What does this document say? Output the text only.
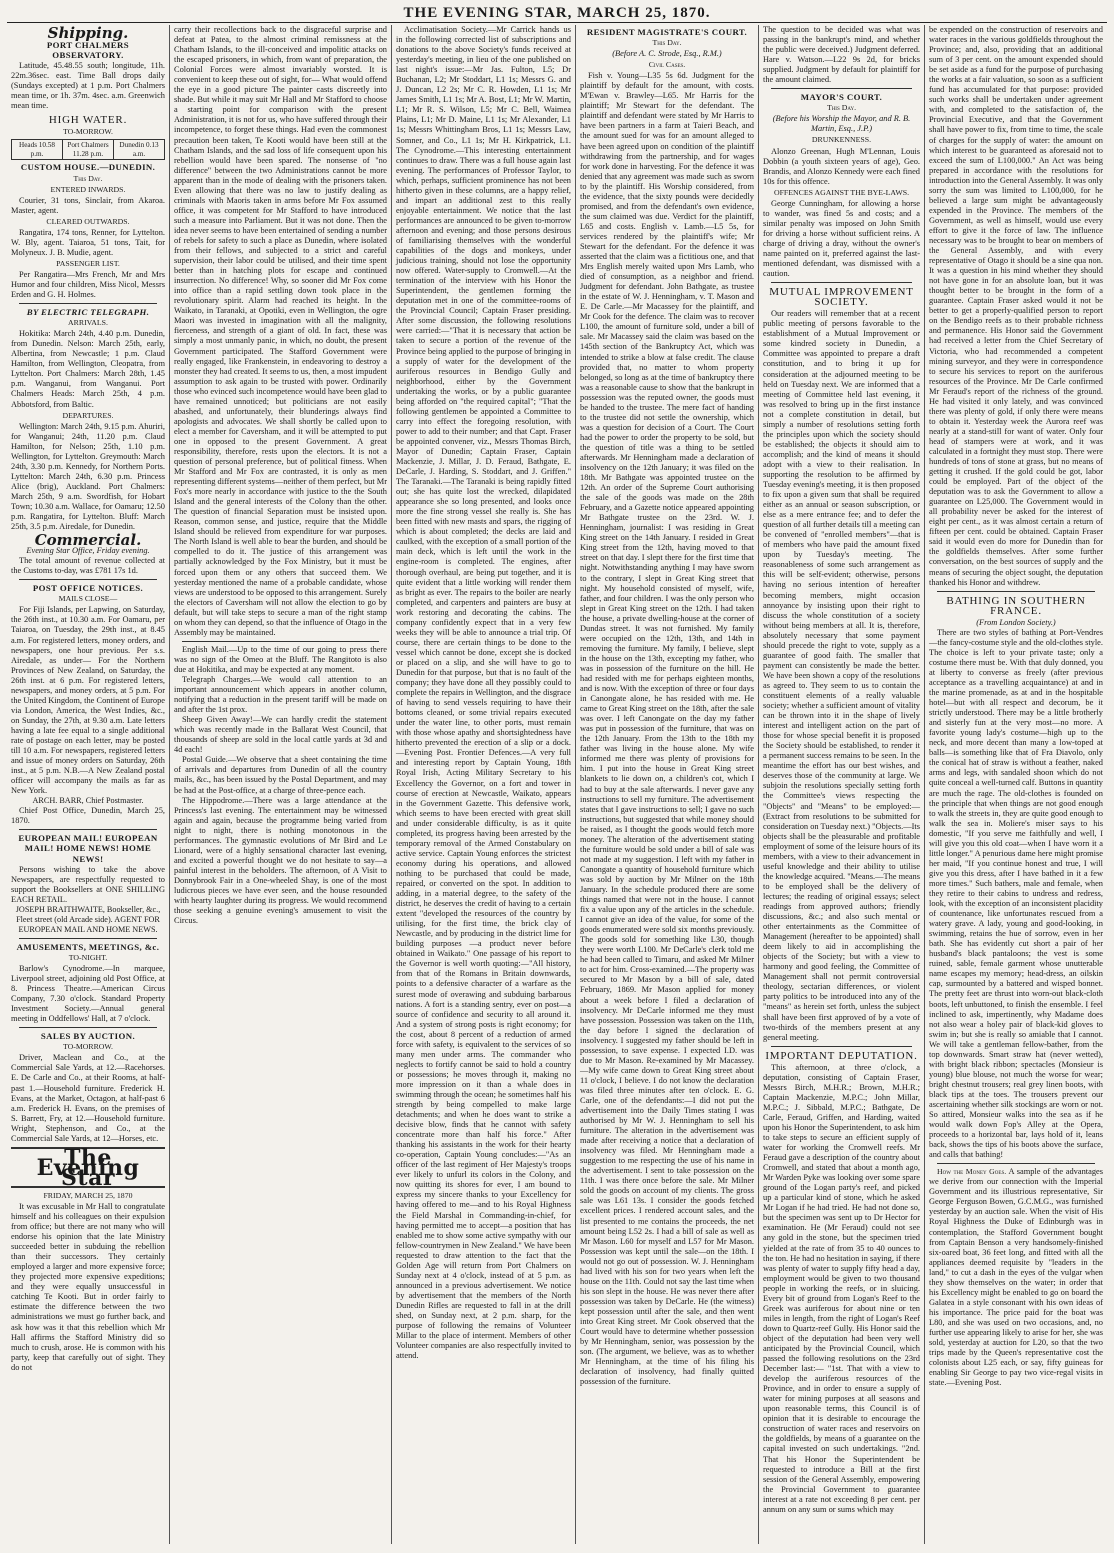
THE EVENING STAR, MARCH 25, 1870.
Shipping.
PORT CHALMERS OBSERVATORY.

Latitude, 45.48.55 south; longitude, 11h. 22m.36sec. east. Time Ball drops daily (Sundays excepted) at 1 p.m. Port Chalmers mean time, or 1h. 37m. 4sec. a.m. Greenwich mean time.

HIGH WATER.
TO-MORROW.
Heads 10.58 p.m.
Port Chalmers 11.28 p.m.
Dunedin 0.13 a.m.
CUSTOM HOUSE.—DUNEDIN.
This Day.
ENTERED INWARDS.

Courier, 31 tons, Sinclair, from Akaroa. Master, agent.

CLEARED OUTWARDS.

Rangatira, 174 tons, Renner, for Lyttelton. W. Bly, agent. Taiaroa, 51 tons, Tait, for Molyneux. J. B. Mudie, agent.

PASSENGER LIST.

Per Rangatira—Mrs French, Mr and Mrs Humor and four children, Miss Nicol, Messrs Erden and G. H. Holmes.

BY ELECTRIC TELEGRAPH.
ARRIVALS.

Hokitika: March 24th, 4.40 p.m. Dunedin, from Dunedin. Nelson: March 25th, early, Albertina, from Newcastle; 1 p.m. Claud Hamilton, from Wellington, Cleopatra, from Lyttelton. Port Chalmers: March 28th, 1.45 p.m. Wanganui, from Wanganui. Port Chalmers Heads: March 25th, 4 p.m. Abbotsford, from Baltic.

DEPARTURES.

Wellington: March 24th, 9.15 p.m. Ahuriri, for Wanganui; 24th, 11.20 p.m. Claud Hamilton, for Nelson; 25th, 1.10 p.m. Wellington, for Lyttelton. Greymouth: March 24th, 3.30 p.m. Kennedy, for Northern Ports. Lyttelton: March 24th, 6.30 p.m. Princess Alice (brig), Auckland. Port Chalmers: March 25th, 9 a.m. Swordfish, for Hobart Town; 10.30 a.m. Wallace, for Oamaru; 12.50 p.m. Rangatira, for Lyttelton. Bluff: March 25th, 3.5 p.m. Airedale, for Dunedin.

Commercial.
Evening Star Office, Friday evening.

The total amount of revenue collected at the Customs to-day, was £781 17s 1d.

POST OFFICE NOTICES.
MAILS CLOSE—

For Fiji Islands, per Lapwing, on Saturday, the 26th inst., at 10.30 a.m. For Oamaru, per Taiaroa, on Tuesday, the 29th inst., at 8.45 a.m. For registered letters, money orders, and newspapers, one hour previous. Per s.s. Airedale, as under— For the Northern Provinces of New Zealand, on Saturday, the 26th inst. at 6 p.m. For registered letters, newspapers, and money orders, at 5 p.m. For the United Kingdom, the Continent of Europe via London, America, the West Indies, &c., on Sunday, the 27th, at 9.30 a.m. Late letters having a late fee equal to a single additional rate of postage on each letter, may be posted till 10 a.m. For newspapers, registered letters and issue of money orders on Saturday, 26th inst., at 5 p.m. N.B.—A New Zealand postal officer will accompany the mails as far as New York.

ARCH. BARR, Chief Postmaster.

Chief Post Office, Dunedin, March 25, 1870.

EUROPEAN MAIL! EUROPEAN MAIL! HOME NEWS! HOME NEWS!

Persons wishing to take the above Newspapers, are respectfully requested to support the Booksellers at ONE SHILLING EACH RETAIL.

JOSEPH BRAITHWAITE, Bookseller, &c., Fleet street (old Arcade side). AGENT FOR EUROPEAN MAIL AND HOME NEWS.
AMUSEMENTS, MEETINGS, &c.
TO-NIGHT.

Barlow's Cynodrome.—In marquee, Liverpool street, adjoining old Post Office, at 8. Princess Theatre.—American Circus Company, 7.30 o'clock. Standard Property Investment Society.—Annual general meeting in Oddfellows' Hall, at 7 o'clock.

SALES BY AUCTION.
TO-MORROW.

Driver, Maclean and Co., at the Commercial Sale Yards, at 12.—Racehorses. E. De Carle and Co., at their Rooms, at half-past 1.—Household furniture. Frederick H. Evans, at the Market, Octagon, at half-past 6 a.m. Frederick H. Evans, on the premises of S. Barrett, Fry, at 12.—Household furniture. Wright, Stephenson, and Co., at the Commercial Sale Yards, at 12—Horses, etc.

The Evening Star
FRIDAY, MARCH 25, 1870

It was excusable in Mr Hall to congratulate himself and his colleagues on their expulsion from office; but there are not many who will endorse his opinion that the late Ministry succeeded better in subduing the rebellion than their successors. They certainly employed a larger and more expensive force; they projected more expensive expeditions; and they were equally unsuccessful in catching Te Kooti. But in order fairly to estimate the difference between the two administrations we must go further back, and ask how was it that this rebellion which Mr Hall affirms the Stafford Ministry did so much to crush, arose. He is common with his party, keep that carefully out of sight. They do not

carry their recollections back to the disgraceful surprise and defeat at Patea, to the almost criminal remissness at the Chatham Islands, to the ill-conceived and impolitic attacks on the escaped prisoners, in which, from want of preparation, the Colonial Forces were almost invariably worsted. It is convenient to keep these out of sight, for— What would offend the eye in a good picture The painter casts discreetly into shade. But while it may suit Mr Hall and Mr Stafford to choose a starting point for comparison with the present Administration, it is not for us, who have suffered through their incompetence, to forget these things. Had even the commonest precaution been taken, Te Kooti would have been still at the Chatham Islands, and the sad loss of life consequent upon his rebellion would have been spared. The nonsense of "no difference" between the two Administrations cannot be more apparent than in the mode of dealing with the prisoners taken. Even allowing that there was no law to justify dealing as criminals with Maoris taken in arms before Mr Fox assumed office, it was competent for Mr Stafford to have introduced such a measure into Parliament. But it was not done. Then the idea never seems to have been entertained of sending a number of rebels for safety to such a place as Dunedin, where isolated from their fellows, and subjected to a strict and careful supervision, their labor could be utilised, and their time spent better than in hatching plots for escape and continued insurrection. No difference! Why, so sooner did Mr Fox come into office than a rapid settling down took place in the revolutionary spirit. Alarm had reached its height. In the Waikato, in Taranaki, at Opotiki, even in Wellington, the ogre Maori was invested in imagination with all the malignity, fierceness, and strength of a giant of old. In fact, these was simply a most unmanly panic, in which, no doubt, the present Government participated. The Stafford Government were really engaged, like Frankenstein, in endeavoring to destroy a monster they had created. It seems to us, then, a most impudent assumption to ask again to be trusted with power. Ordinarily those who evinced such incompetence would have been glad to have remained unnoticed; but politicians are not easily abashed, and unfortunately, their blunderings always find apologists and advocates. We shall shortly be called upon to elect a member for Caversham, and it will be attempted to put one in opposed to the present Government. A great responsibility, therefore, rests upon the electors. It is not a question of personal preference, but of political fitness. When Mr Stafford and Mr Fox are contrasted, it is only as men representing different systems—neither of them perfect, but Mr Fox's more nearly in accordance with justice to the the South Island and the general interests of the Colony than the other. The question of financial Separation must be insisted upon. Reason, common sense, and justice, require that the Middle Island should be relieved from expenditure for war purposes. The North Island is well able to bear the burden, and should be compelled to do it. The justice of this arrangement was partially acknowledged by the Fox Ministry, but it must be forced upon them or any others that succeed them. We yesterday mentioned the name of a probable candidate, whose views are understood to be opposed to this arrangement. Surely the electors of Caversham will not allow the election to go by default, but will take steps to secure a man of the right stamp on whom they can depend, so that the influence of Otago in the Assembly may be maintained.

English Mail.—Up to the time of our going to press there was no sign of the Omeo at the Bluff. The Rangitoto is also due at Hokitika, and may be expected at any moment.

Telegraph Charges.—We would call attention to an important announcement which appears in another column, notifying that a reduction in the present tariff will be made on and after the 1st prox.

Sheep Given Away!—We can hardly credit the statement which was recently made in the Ballarat West Council, that thousands of sheep are sold in the local cattle yards at 3d and 4d each!

Postal Guide.—We observe that a sheet containing the time of arrivals and departures from Dunedin of all the country mails, &c., has been issued by the Postal Department, and may be had at the Post-office, at a charge of three-pence each.

The Hippodrome.—There was a large attendance at the Princess's last evening. The entertainment may be witnessed again and again, because the programme being varied from night to night, there is nothing monotonous in the performances. The gymnastic evolutions of Mr Bird and Le Lionard, were of a highly sensational character last evening, and excited a powerful thought we do not hesitate to say—a painful interest in the beholders. The afternoon, of A Visit to Donnybrook Fair in a One-wheeled Shay, is one of the most ludicrous pieces we have ever seen, and the house resounded with hearty laughter during its progress. We would recommend those seeking a genuine evening's amusement to visit the Circus.

Acclimatisation Society.—Mr Carrick hands us in the following corrected list of subscriptions and donations to the above Society's funds received at yesterday's meeting, in lieu of the one published on last night's issue:—Mr Jas. Fulton, L5; Dr Buchanan, L2; Mr Stoddart, L1 1s; Messrs G. and J. Duncan, L2 2s; Mr C. R. Howden, L1 1s; Mr James Smith, L1 1s; Mr A. Bost, L1; Mr W. Martin, L1; Mr R. S. Wilson, L5; Mr C. Bell, Waimea Plains, L1; Mr D. Maine, L1 1s; Mr Alexander, L1 1s; Messrs Whittingham Bros, L1 1s; Messrs Law, Somner, and Co., L1 1s; Mr H. Kirkpatrick, L1. The Cynodrome.—This interesting entertainment continues to draw. There was a full house again last evening. The performances of Professor Taylor, to which, perhaps, sufficient prominence has not been hitherto given in these columns, are a happy relief, and impart an additional zest to this really enjoyable entertainment. We notice that the last performances are announced to be given to-morrow afternoon and evening; and those persons desirous of familiarising themselves with the wonderful capabilities of the dogs and monkeys, under judicious training, should not lose the opportunity now offered. Water-supply to Cromwell.—At the termination of the interview with his Honor the Superintendent, the gentlemen forming the deputation met in one of the committee-rooms of the Provincial Council; Captain Fraser presiding. After some discussion, the following resolutions were carried:—"That it is necessary that action be taken to secure a portion of the revenue of the Province being applied to the purpose of bringing in a supply of water for the development of the auriferous resources in Bendigo Gully and neighborhood, either by the Government undertaking the works, or by a public guarantee being afforded on "the required capital"; "That the following gentlemen be appointed a Committee to carry into effect the foregoing resolution, with power to add to their number; and that Capt. Fraser be appointed convener, viz., Messrs Thomas Birch, Mayor of Dunedin; Captain Fraser, Captain Mackenzie, J. Millar, J. D. Feraud, Bathgate, E. DeCarle, J. Harding, S. Stoddart, and J. Griffen." The Taranaki.—The Taranaki is being rapidly fitted out; she has quite lost the wrecked, dilapidated appearance she so long presented, and looks once more the fine strong vessel she really is. She has been fitted with new masts and spars, the rigging of which is about completed; the decks are laid and caulked, with the exception of a small portion of the main deck, which is left until the work in the engine-room is completed. The engines, after thorough overhaul, are being put together, and it is quite evident that a little working will render them as bright as ever. The repairs to the boiler are nearly completed, and carpenters and painters are busy at work restoring and decorating the cabins. The company confidently expect that in a very few weeks they will be able to announce a trial trip. Of course, there are certain things to be done to the vessel which cannot be done, except she is docked or placed on a slip, and she will have to go to Dunedin for that purpose, but that is no fault of the company; they have done all they possibly could to complete the repairs in Wellington, and the disgrace of having to send vessels requiring to have their bottoms cleaned, or some trivial repairs executed under the water line, to other ports, must remain with those whose apathy and shortsightedness have hitherto prevented the erection of a slip or a dock.—Evening Post. Frontier Defences.—A very full and interesting report by Captain Young, 18th Royal Irish, Acting Military Secretary to his Excellency the Governor, on a fort and tower in course of erection at Newcastle, Waikato, appears in the Government Gazette. This defensive work, which seems to have been erected with great skill and under considerable difficulty, is as it quite completed, its progress having been arrested by the temporary removal of the Armed Constabulary on active service. Captain Young enforces the strictest economy during his operations, and allowed nothing to be purchased that could be made, repaired, or converted on the spot. In addition to adding, in a material degree, to the safety of the district, he deserves the credit of having to a certain extent "developed the resources of the country by utilising, for the first time, the brick clay of Newcastle, and by producing in the district lime for building purposes —a product never before obtained in Waikato." One passage of his report to the Governor is well worth quoting:—"All history, from that of the Romans in Britain downwards, points to a defensive character of a warfare as the surest mode of overawing and subduing barbarous nations. A fort is a standing sentry, ever on post—a source of confidence and security to all around it. And a system of strong posts is right economy; for the cost, about 8 percent of a reduction of armed force with safety, is equivalent to the services of so many men under arms. The commander who neglects to fortify cannot be said to hold a country or possessions; he moves through it, making no more impression on it than a whale does in swimming through the ocean; he sometimes half his strength by being compelled to make large detachments; and when he does want to strike a decisive blow, finds that he cannot with safety concentrate more than half his force." After thanking his assistants in the work for their hearty co-operation, Captain Young concludes:—"As an officer of the last regiment of Her Majesty's troops ever likely to unfurl its colors in the Colony, and now quitting its shores for ever, I am bound to express my sincere thanks to your Excellency for having offered to me—and to his Royal Highness the Field Marshal in Commanding-in-chief, for having permitted me to accept—a position that has enabled me to show some active sympathy with our fellow-countrymen in New Zealand." We have been requested to draw attention to the fact that the Golden Age will return from Port Chalmers on Sunday next at 4 o'clock, instead of at 5 p.m. as announced in a previous advertisement. We notice by advertisement that the members of the North Dunedin Rifles are requested to fall in at the drill shed, on Sunday next, at 2 p.m. sharp, for the purpose of following the remains of Volunteer Millar to the place of interment. Members of other Volunteer companies are also respectfully invited to attend.

RESIDENT MAGISTRATE'S COURT.
This Day.
(Before A. C. Strode, Esq., R.M.)
Civil Cases.

Fish v. Young—L35 5s 6d. Judgment for the plaintiff by default for the amount, with costs. M'Ewan v. Brawley—L65. Mr Harris for the plaintiff; Mr Stewart for the defendant. The plaintiff and defendant were stated by Mr Harris to have been partners in a farm at Taieri Beach, and the amount sued for was for an amount alleged to have been agreed upon on condition of the plaintiff withdrawing from the partnership, and for wages for work done in harvesting. For the defence it was denied that any agreement was made such as sworn to by the plaintiff. His Worship considered, from the evidence, that the sixty pounds were decidedly promised, and from the defendant's own evidence, the sum claimed was due. Verdict for the plaintiff, L65 and costs. English v. Lamb.—L5 5s, for services rendered by the plaintiff's wife; Mr Stewart for the defendant. For the defence it was asserted that the claim was a fictitious one, and that Mrs English merely waited upon Mrs Lamb, who died of consumption, as a neighbor and friend. Judgment for defendant. John Bathgate, as trustee in the estate of W. J. Henningham, v. T. Mason and E. De Carle.—Mr Macassey for the plaintiff, and Mr Cook for the defence. The claim was to recover L100, the amount of furniture sold, under a bill of sale. Mr Macassey said the claim was based on the 145th section of the Bankruptcy Act, which was intended to strike a blow at false credit. The clause provided that, no matter to whom property belonged, so long as at the time of bankruptcy there was a reasonable cause to show that the bankrupt in possession was the reputed owner, the goods must be handed to the trustee. The mere fact of handing to the trustee did not settle the ownership, which was a question for decision of a Court. The Court had the power to order the property to be sold, but the question of title was a thing to be settled afterwards. Mr Henningham made a declaration of insolvency on the 12th January; it was filed on the 18th. Mr Bathgate was appointed trustee on the 12th. An order of the Supreme Court authorising the sale of the goods was made on the 28th February, and a Gazette notice appeared appointing Mr Bathgate trustee on the 23rd. W. J. Henningham, journalist: I was residing in Great King street on the 14th January. I resided in Great King street from the 12th, having moved to that street on that day. I slept there for the first time that night. Notwithstanding anything I may have sworn to the contrary, I slept in Great King street that night. My household consisted of myself, wife, father, and four children. I was the only person who slept in Great King street on the 12th. I had taken the house, a private dwelling-house at the corner of Dundas street. It was not furnished. My family were occupied on the 12th, 13th, and 14th in removing the furniture. My family, I believe, slept in the house on the 13th, excepting my father, who was in possession of the furniture on the hill. He had resided with me for perhaps eighteen months, and is now. With the exception of three or four days in Canongate alone, he has resided with me. He came to Great King street on the 18th, after the sale was over. I left Canongate on the day my father was put in possession of the furniture, that was on the 12th January. From the 13th to the 18th my father was living in the house alone. My wife informed me there was plenty of provisions for him. I put into the house in Great King street blankets to lie down on, a children's cot, which I had to buy at the sale afterwards. I never gave any instructions to sell my furniture. The advertisement states that I gave instructions to sell; I gave no such instructions, but suggested that while money should be raised, as I thought the goods would fetch more money. The alteration of the advertisement stating the furniture would be sold under a bill of sale was not made at my suggestion. I left with my father in Canongate a quantity of household furniture which was sold by auction by Mr Milner on the 18th January. In the schedule produced there are some things named that were not in the house. I cannot fix a value upon any of the articles in the schedule. I cannot give an idea of the value, for some of the goods enumerated were sold six months previously. The goods sold for something like L30, though they were worth L100. Mr DeCarle's clerk told me he had been called to Timaru, and asked Mr Milner to act for him. Cross-examined.—The property was secured to Mr Mason by a bill of sale, dated February, 1869. Mr Mason applied for money about a week before I filed a declaration of insolvency. Mr DeCarle informed me they must have possession. Possession was taken on the 11th, the day before I signed the declaration of insolvency. I suggested my father should be left in possession, to save expense. I expected I.D. was due to Mr Mason. Re-examined by Mr Macassey.—My wife came down to Great King street about 11 o'clock, I believe. I do not know the declaration was filed three minutes after ten o'clock. E. G. Carle, one of the defendants:—I did not put the advertisement into the Daily Times stating I was authorised by Mr W. J. Henningham to sell his furniture. The alteration in the advertisement was made after receiving a notice that a declaration of insolvency was filed. Mr Henningham made a suggestion to me respecting the use of his name in the advertisement. I sent to take possession on the 11th. I was there once before the sale. Mr Milner sold the goods on account of my clients. The gross sale was L61 13s. I consider the goods fetched excellent prices. I rendered account sales, and the list presented to me contains the proceeds, the net amount being L52 2s. I had a bill of sale as well as Mr Mason. L60 for myself and L57 for Mr Mason. Possession was kept until the sale—on the 18th. I would not go out of possession. W. J. Henningham had lived with his son for two years when left the house on the 11th. Could not say the last time when his son slept in the house. He was never there after possession was taken by DeCarle. He (the witness) kept possession until after the sale, and then went into Great King street. Mr Cook observed that the Court would have to determine whether possession by Mr Henningham, senior, was possession by the son. (The argument, we believe, was as to whether Mr Henningham, at the time of his filing his declaration of insolvency, had finally quitted possession of the furniture.

The question to be decided was what was passing in the bankrupt's mind, and whether the public were deceived.) Judgment deferred. Hare v. Watson.—L22 9s 2d, for bricks supplied. Judgment by default for plaintiff for the amount claimed.

MAYOR'S COURT.
This Day.
(Before his Worship the Mayor, and R. B. Martin, Esq., J.P.)
DRUNKENNESS.

Alonzo Greenan, Hugh M'Lennan, Louis Dobbin (a youth sixteen years of age), Geo. Brandis, and Alonzo Kennedy were each fined 10s for this offence.

OFFENCES AGAINST THE BYE-LAWS.

George Cunningham, for allowing a horse to wander, was fined 5s and costs; and a similar penalty was imposed on John Smith for driving a horse without sufficient reins. A charge of driving a dray, without the owner's name painted on it, preferred against the last-mentioned defendant, was dismissed with a caution.

MUTUAL IMPROVEMENT SOCIETY.

Our readers will remember that at a recent public meeting of persons favorable to the establishment of a Mutual Improvement or some kindred society in Dunedin, a Committee was appointed to prepare a draft constitution, and to bring it up for consideration at the adjourned meeting to be held on Tuesday next. We are informed that a meeting of Committee held last evening, it was resolved to bring up in the first instance not a complete constitution in detail, but simply a number of resolutions setting forth the principles upon which the society should be established; the objects it should aim to accomplish; and the kind of means it should adopt with a view to their realisation. In supporting the resolution to be affirmed by Tuesday evening's meeting, it is then proposed to fix upon a given sum that shall be required either as an annual or season subscription, or else as a mere entrance fee; and to defer the question of all further details till a meeting can be convened of "enrolled members"—that is of members who have paid the amount fixed upon by Tuesday's meeting. The reasonableness of some such arrangement as this will be self-evident; otherwise, persons having no serious intention of hereafter becoming members, might occasion annoyance by insisting upon their right to discuss the whole constitution of a society without being members at all. It is, therefore, absolutely necessary that some payment should precede the right to vote, supply as a guarantee of good faith. The smaller that payment can consistently be made the better. We have been shown a copy of the resolutions as agreed to. They seem to us to contain the constituent elements of a really valuable society; whether a sufficient amount of vitality can be thrown into it in the shape of lively interest and intelligent action on the part of those for whose special benefit it is proposed the Society should be established, to render it a permanent success remains to be seen. In the meantime the effort has our best wishes, and deserves those of the community at large. We subjoin the resolutions specially setting forth the Committee's views respecting the "Objects" and "Means" to be employed:— (Extract from resolutions to be submitted for consideration on Tuesday next.) "Objects.—Its objects shall be the pleasurable and profitable employment of some of the leisure hours of its members, with a view to their advancement in useful knowledge and their ability to utilise the knowledge acquired. "Means.—The means to be employed shall be the delivery of lectures; the reading of original essays; select readings from approved authors; friendly discussions, &c.; and also such mental or other entertainments as the Committee of Management (hereafter to be appointed) shall deem likely to aid in accomplishing the objects of the Society; but with a view to harmony and good feeling, the Committee of Management shall not permit controversial theology, sectarian differences, or violent party politics to be introduced into any of the "means" as herein set forth, unless the subject shall have been first approved of by a vote of two-thirds of the members present at any general meeting.

IMPORTANT DEPUTATION.

This afternoon, at three o'clock, a deputation, consisting of Captain Fraser, Messrs Birch, M.H.R.; Brown, M.H.R.; Captain Mackenzie, M.P.C.; John Millar, M.P.C.; J. Sibbald, M.P.C.; Bathgate, De Carle, Feraud, Griffen, and Harding, waited upon his Honor the Superintendent, to ask him to take steps to secure an efficient supply of water for working the Cromwell reefs. Mr Feraud gave a description of the country about Cromwell, and stated that about a month ago, Mr Warden Pyke was looking over some spare ground of the Logan party's reef, and picked up a particular kind of stone, which he asked Mr Logan if he had tried. He had not done so, but the specimen was sent up to Dr Hector for examination. He (Mr Feraud) could not see any gold in the stone, but the specimen tried yielded at the rate of from 35 to 40 ounces to the ton. He had no hesitation in saying, if there was plenty of water to supply fifty head a day, employment would be given to two thousand people in working the reefs, or in sluicing. Every bit of ground from Logan's Reef to the Greek was auriferous for about nine or ten miles in length, from the right of Logan's Reef down to Quartz-reef Gully. His Honor said the object of the deputation had been very well anticipated by the Provincial Council, which passed the following resolutions on the 23rd December last:— "1st. That with a view to develop the auriferous resources of the Province, and in order to ensure a supply of water for mining purposes at all seasons and upon reasonable terms, this Council is of opinion that it is desirable to encourage the construction of water races and reservoirs on the goldfields, by means of a guarantee on the capital invested on such undertakings. "2nd. That his Honor the Superintendent be requested to introduce a Bill at the first session of the General Assembly, empowering the Provincial Government to guarantee interest at a rate not exceeding 8 per cent. per annum on any sum or sums which may

be expended on the construction of reservoirs and water races in the various goldfields throughout the Province; and, also, providing that an additional sum of 3 per cent. on the amount expended should be set aside as a fund for the purpose of purchasing the works at a fair valuation, so soon as a sufficient fund has accumulated for that purpose: provided such works shall be undertaken under agreement with, and completed to the satisfaction of, the Provincial Executive, and that the Government shall have power to fix, from time to time, the scale of charges for the supply of water: the amount on which interest to be guaranteed as aforesaid not to exceed the sum of L100,000." An Act was being prepared in accordance with the resolutions for introduction into the General Assembly. It was only sorry the sum was limited to L100,000, for he believed a large sum might be advantageously expended in the Province. The members of the Government, as well as himself, would use every effort to give it the force of law. The influence necessary was to be brought to bear on members of the General Assembly, and with every representative of Otago it should be a sine qua non. It was a question in his mind whether they should not have gone in for an absolute loan, but it was thought better to be brought in the form of a guarantee. Captain Fraser asked would it not be better to get a properly-qualified person to report on the Bendigo reefs as to their probable richness and permanence. His Honor said the Government had received a letter from the Chief Secretary of Victoria, who had recommended a competent mining surveyor, and they were in correspondence to secure his services to report on the auriferous resources of the Province. Mr De Carle confirmed Mr Feraud's report of the richness of the ground. He had visited it only lately, and was convinced there was plenty of gold, if only there were means to obtain it. Yesterday week the Aurora reef was nearly at a stand-still for want of water. Only four head of stampers were at work, and it was calculated in a fortnight they must stop. There were hundreds of tons of stone at grass, but no means of getting it crushed. If the gold could be got, labor could be employed. Part of the object of the deputation was to ask the Government to allow a guarantee on L25,000. The Government would in all probability never be asked for the interest of eight per cent., as it was almost certain a return of fifteen per cent. could be obtained. Captain Fraser said it would even do more for Dunedin than for the goldfields themselves. After some further conversation, on the best sources of supply and the means of securing the object sought, the deputation thanked his Honor and withdrew.

BATHING IN SOUTHERN FRANCE.
(From London Society.)

There are two styles of bathing at Port-Vendres—the fancy-costume style and the old-clothes style. The choice is left to your private taste; only a costume there must be. With that duly donned, you at liberty to converse as freely (after previous acceptance as a travelling acquaintance) at and in the marine promenade, as at and in the hospitable hotel—but with all respect and decorum, be it strictly understood. There may be a little brotherly and sisterly fun at the very most—no more. A favorite young lady's costume—high up to the neck, and more decent than many a low-toped at balls—is something like that of Fra Diavolo, only the conical hat of straw is without a feather, naked arms and legs, with sandaled shoon which do not quite conceal a well-turned calf. Buttons in quantity are much the rage. The old-clothes is founded on the principle that when things are not good enough to walk the streets in, they are quite good enough to walk the sea in. Moliere's miser says to his domestic, "If you serve me faithfully and well, I will give you this old coat—when I have worn it a little longer." A penurious dame here might promise her maid, "If you continue honest and true, I will give you this dress, after I have bathed in it a few more times." Such bathers, male and female, when they retire to their cabins to undress and redress, look, with the exception of an inconsistent placidity of countenance, like unfortunates rescued from a watery grave. A lady, young and good-looking, in swimming, retains the hue of sorrow, even in her bath. She has evidently cut short a pair of her husband's black pantaloons; the vest is some ruined, sable, female garment whose unutterable name escapes my memory; head-dress, an oilskin cap, surmounted by a battered and wisped bonnet. The pretty feet are thrust into worn-out black-cloth boots, left unbuttoned, to finish the ensemble. I feel inclined to ask, impertinently, why Madame does not also wear a holey pair of black-kid gloves to swim in; but she is really so amiable that I cannot. We will take a gentleman fellow-bather, from the top downwards. Smart straw hat (never wetted), with bright black ribbon; spectacles (Monsieur is young) blue blouse, not much the worse for wear; bright chestnut trousers; real grey linen boots, with black tips at the toes. The trousers prevent our ascertaining whether silk stockings are worn or not. So attired, Monsieur walks into the sea as if he would walk down Fop's Alley at the Opera, proceeds to a horizontal bar, lays hold of it, leans back, shows the tips of his boots above the surface, and calls that bathing!

How the Money Goes. A sample of the advantages we derive from our connection with the Imperial Government and its illustrious representative, Sir George Ferguson Bowen, G.C.M.G., was furnished yesterday by an auction sale. When the visit of His Royal Highness the Duke of Edinburgh was in contemplation, the Stafford Government bought from Captain Benson a very handsomely-finished six-oared boat, 36 feet long, and fitted with all the appliances deemed requisite by "leaders in the land," to cut a dash in the eyes of the vulgar when they show themselves on the water; in order that his Excellency might be enabled to go on board the Galatea in a style consonant with his own ideas of his importance. The price paid for the boat was L80, and she was used on two occasions, and, no further use appearing likely to arise for her, she was sold, yesterday at auction for L20, so that the two trips made by the Queen's representative cost the colonists about L25 each, or say, fifty guineas for enabling Sir George to pay two vice-regal visits in state.—Evening Post.
